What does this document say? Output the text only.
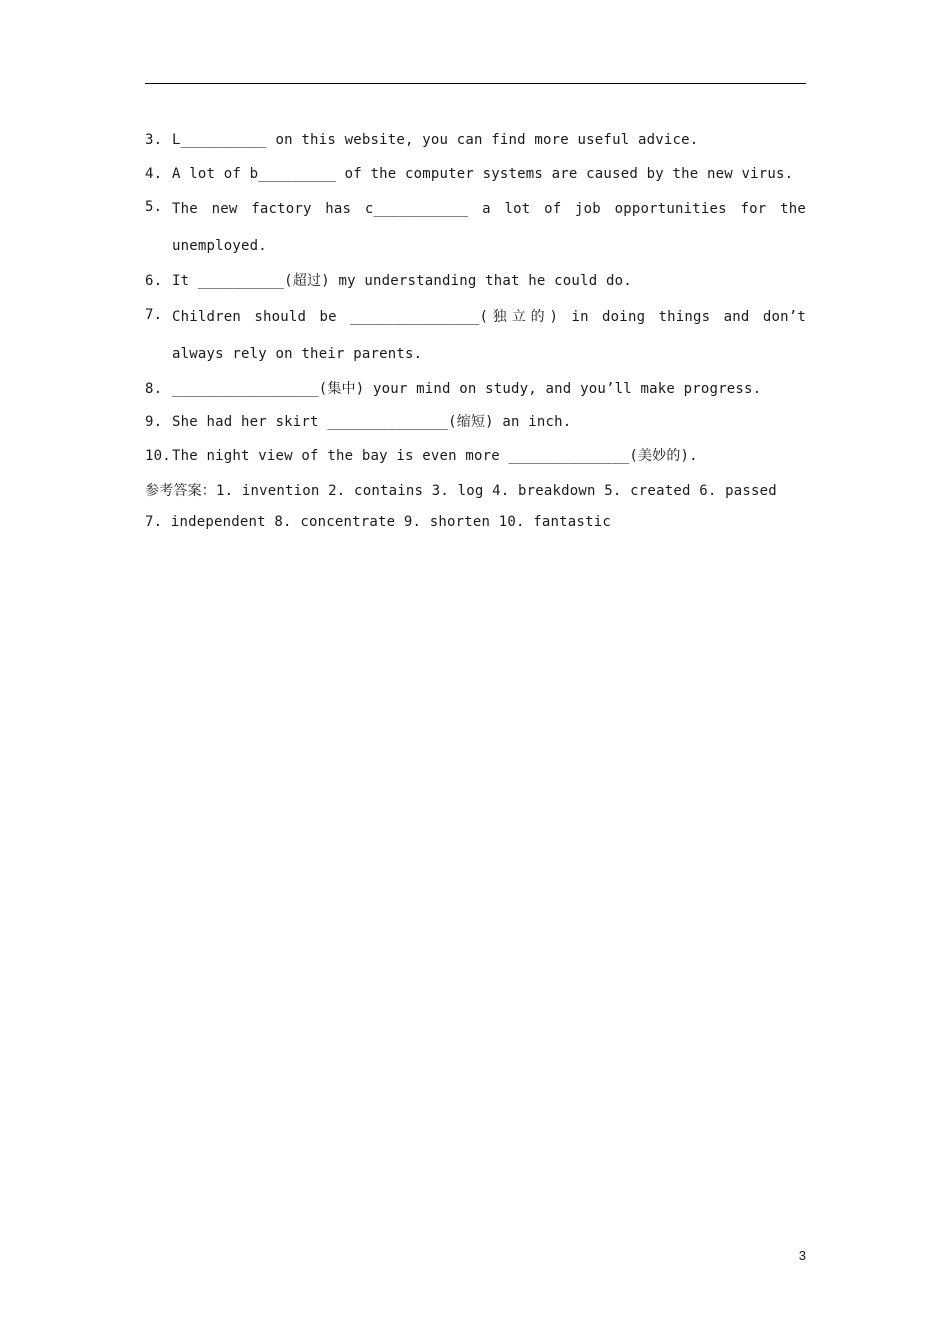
3. L__________ on this website, you can find more useful advice.
4. A lot of b_________ of the computer systems are caused by the new virus.
5. The new factory has c___________ a lot of job opportunities for the unemployed.
6. It __________(超过) my understanding that he could do.
7. Children should be _______________(独立的) in doing things and don’t always rely on their parents.
8. _________________(集中) your mind on study, and you’ll make progress.
9. She had her skirt ______________(缩短) an inch.
10. The night view of the bay is even more ______________(美妙的).
参考答案：1. invention 2. contains 3. log 4. breakdown 5. created 6. passed
7. independent 8. concentrate 9. shorten 10. fantastic
3
